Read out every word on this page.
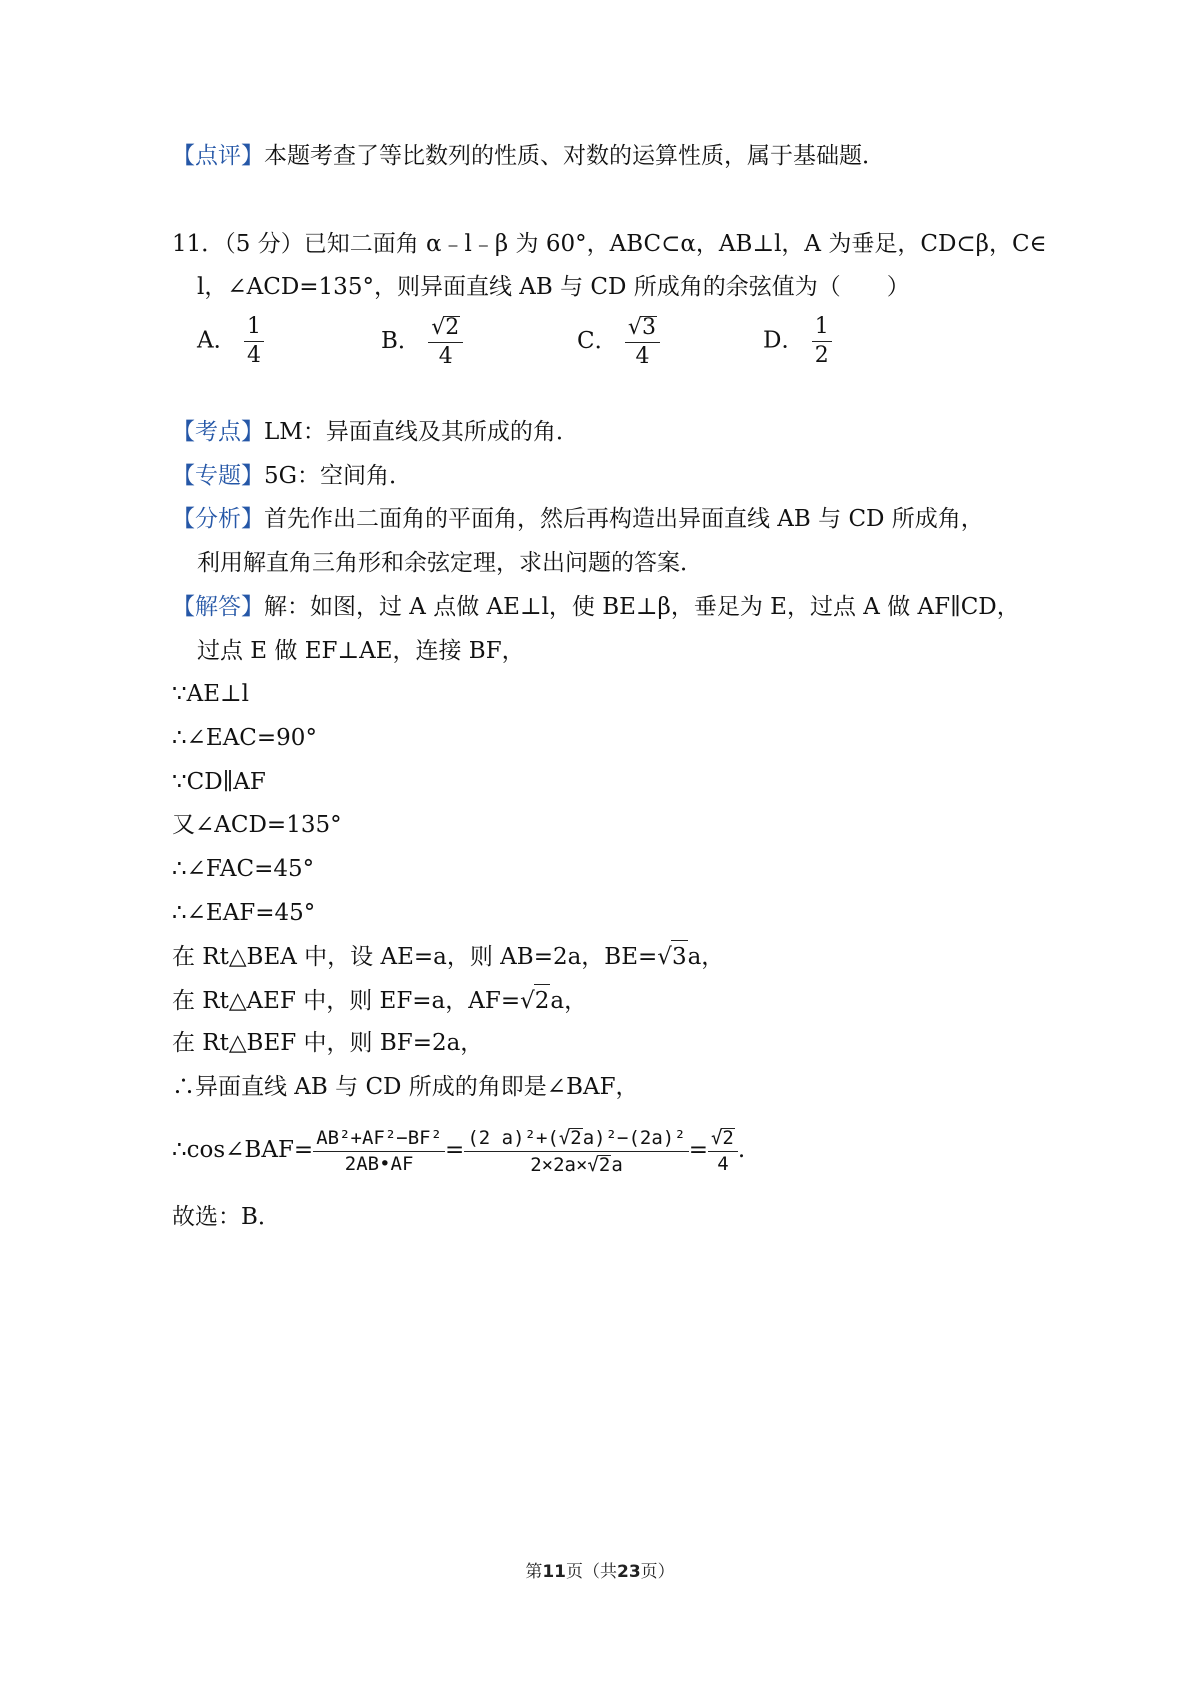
【点评】本题考查了等比数列的性质、对数的运算性质，属于基础题．
11．（5 分）已知二面角 α﹣l﹣β 为 60°，ABC⊂α，AB⊥l，A 为垂足，CD⊂β，C∈
l，∠ACD=135°，则异面直线 AB 与 CD 所成角的余弦值为（　　）
A． $\frac{1}{4}$	B． $\frac{√2}{4}$	C． $\frac{√3}{4}$	D． $\frac{1}{2}$
【考点】LM：异面直线及其所成的角．
【专题】5G：空间角．
【分析】首先作出二面角的平面角，然后再构造出异面直线 AB 与 CD 所成角，
利用解直角三角形和余弦定理，求出问题的答案．
【解答】解：如图，过 A 点做 AE⊥l，使 BE⊥β，垂足为 E，过点 A 做 AF∥CD，
过点 E 做 EF⊥AE，连接 BF，
∵AE⊥l
∴∠EAC=90°
∵CD∥AF
又∠ACD=135°
∴∠FAC=45°
∴∠EAF=45°
在 Rt△BEA 中，设 AE=a，则 AB=2a，BE=√3a，
在 Rt△AEF 中，则 EF=a，AF=√2a，
在 Rt△BEF 中，则 BF=2a，
∴异面直线 AB 与 CD 所成的角即是∠BAF，
∴cos∠BAF= $\frac{\text{AB²+AF²−BF²}}{2AB•AF} = \frac{\text{(2 a)²+(√2a)²−(2a)²}}{2\times 2a\times√2a} = \frac{√2}{4}$ .
故选：B．
第11页（共23页）
